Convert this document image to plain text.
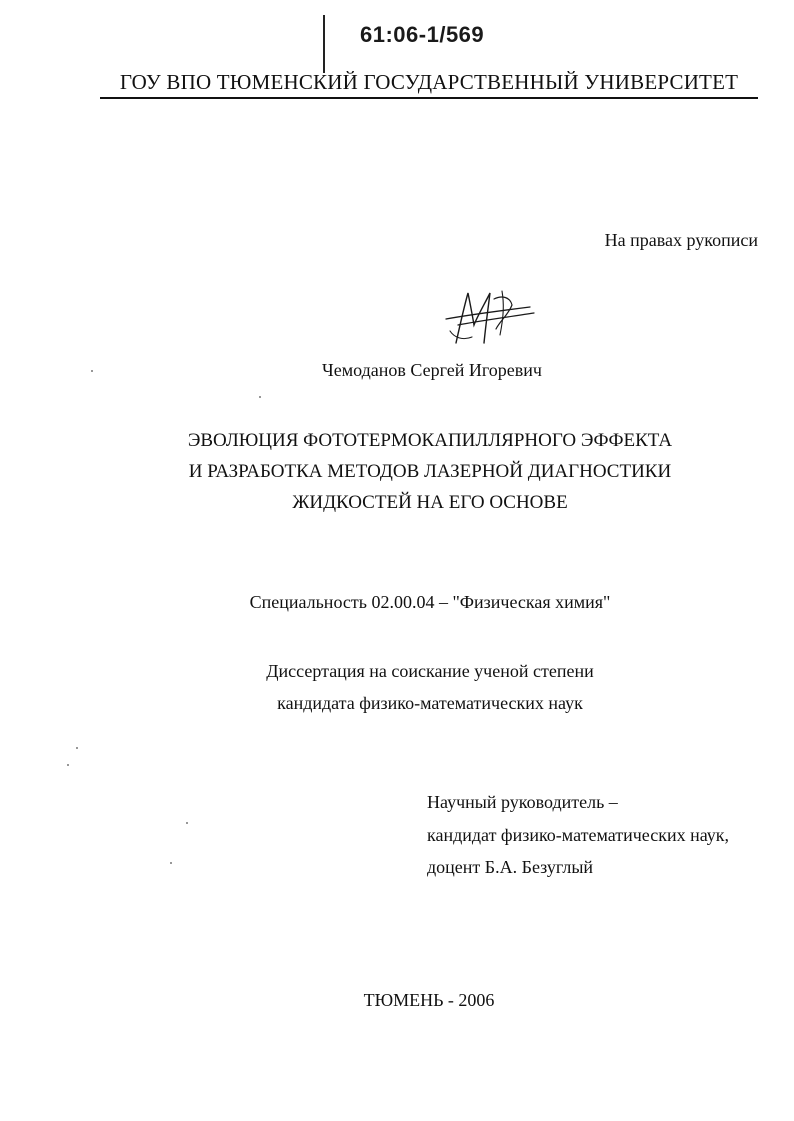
61:06-1/569
ГОУ ВПО ТЮМЕНСКИЙ ГОСУДАРСТВЕННЫЙ УНИВЕРСИТЕТ
На правах рукописи
Чемоданов Сергей Игоревич
ЭВОЛЮЦИЯ ФОТОТЕРМОКАПИЛЛЯРНОГО ЭФФЕКТА
И РАЗРАБОТКА МЕТОДОВ ЛАЗЕРНОЙ ДИАГНОСТИКИ
ЖИДКОСТЕЙ НА ЕГО ОСНОВЕ
Специальность 02.00.04 – "Физическая химия"
Диссертация на соискание ученой степени
кандидата физико-математических наук
Научный руководитель –
кандидат физико-математических наук,
доцент Б.А. Безуглый
ТЮМЕНЬ - 2006
